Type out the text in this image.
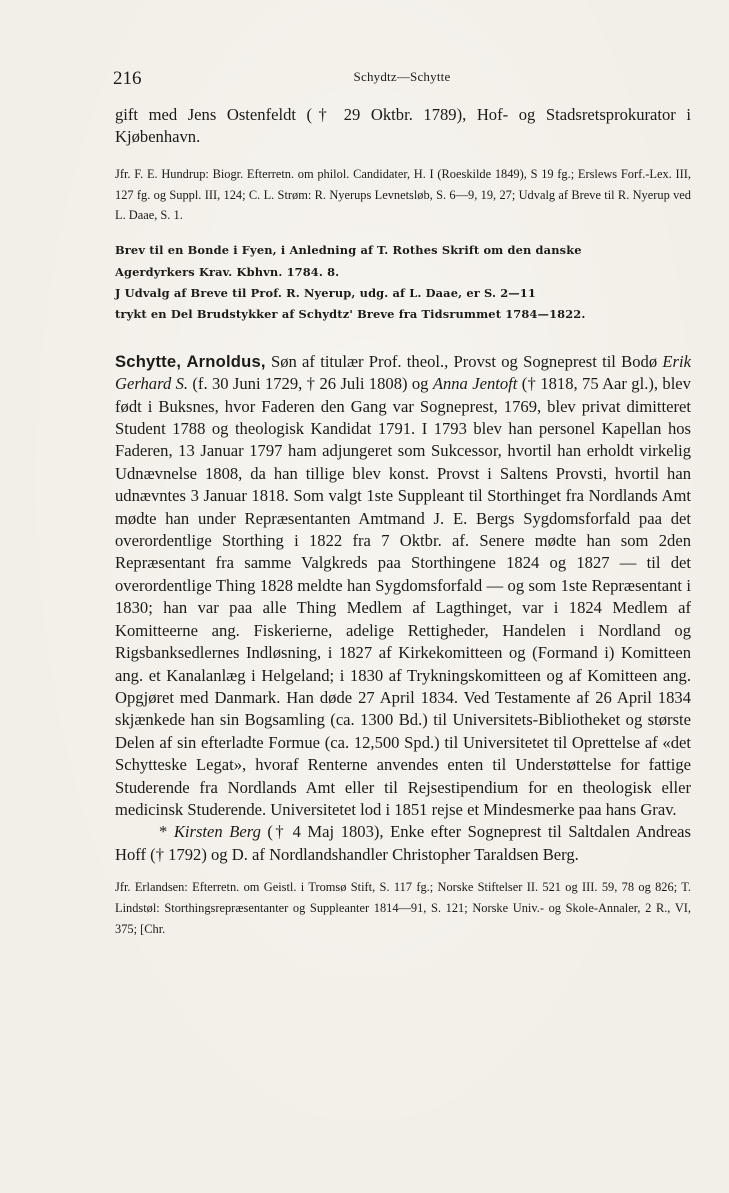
216	Schydtz—Schytte

gift med Jens Ostenfeldt († 29 Oktbr. 1789), Hof- og Stadsretsprokurator i Kjøbenhavn.

Jfr. F. E. Hundrup: Biogr. Efterretn. om philol. Candidater, H. I (Roeskilde 1849), S 19 fg.; Erslews Forf.-Lex. III, 127 fg. og Suppl. III, 124; C. L. Strøm: R. Nyerups Levnetsløb, S. 6—9, 19, 27; Udvalg af Breve til R. Nyerup ved L. Daae, S. 1.

Brev til en Bonde i Fyen, i Anledning af T. Rothes Skrift om den danske
Agerdyrkers Krav. Kbhvn. 1784. 8.
J Udvalg af Breve til Prof. R. Nyerup, udg. af L. Daae, er S. 2—11
trykt en Del Brudstykker af Schydtz' Breve fra Tidsrummet 1784—1822.

Schytte, Arnoldus, Søn af titulær Prof. theol., Provst og Sogneprest til Bodø Erik Gerhard S. (f. 30 Juni 1729, † 26 Juli 1808) og Anna Jentoft († 1818, 75 Aar gl.), blev født i Buksnes, hvor Faderen den Gang var Sogneprest, 1769, blev privat dimitteret Student 1788 og theologisk Kandidat 1791. I 1793 blev han personel Kapellan hos Faderen, 13 Januar 1797 ham adjungeret som Sukcessor, hvortil han erholdt virkelig Udnævnelse 1808, da han tillige blev konst. Provst i Saltens Provsti, hvortil han udnævntes 3 Januar 1818. Som valgt 1ste Suppleant til Storthinget fra Nordlands Amt mødte han under Repræsentanten Amtmand J. E. Bergs Sygdomsforfald paa det overordentlige Storthing i 1822 fra 7 Oktbr. af. Senere mødte han som 2den Repræsentant fra samme Valgkreds paa Storthingene 1824 og 1827 — til det overordentlige Thing 1828 meldte han Sygdomsforfald — og som 1ste Repræsentant i 1830; han var paa alle Thing Medlem af Lagthinget, var i 1824 Medlem af Komitteerne ang. Fiskerierne, adelige Rettigheder, Handelen i Nordland og Rigsbanksedlernes Indløsning, i 1827 af Kirkekomitteen og (Formand i) Komitteen ang. et Kanalanlæg i Helgeland; i 1830 af Trykningskomitteen og af Komitteen ang. Opgjøret med Danmark. Han døde 27 April 1834. Ved Testamente af 26 April 1834 skjænkede han sin Bogsamling (ca. 1300 Bd.) til Universitets-Bibliotheket og største Delen af sin efterladte Formue (ca. 12,500 Spd.) til Universitetet til Oprettelse af «det Schytteske Legat», hvoraf Renterne anvendes enten til Understøttelse for fattige Studerende fra Nordlands Amt eller til Rejsestipendium for en theologisk eller medicinsk Studerende. Universitetet lod i 1851 rejse et Mindesmerke paa hans Grav.

* Kirsten Berg († 4 Maj 1803), Enke efter Sogneprest til Saltdalen Andreas Hoff († 1792) og D. af Nordlandshandler Christopher Taraldsen Berg.

Jfr. Erlandsen: Efterretn. om Geistl. i Tromsø Stift, S. 117 fg.; Norske Stiftelser II. 521 og III. 59, 78 og 826; T. Lindstøl: Storthingsrepræsentanter og Suppleanter 1814—91, S. 121; Norske Univ.- og Skole-Annaler, 2 R., VI, 375; [Chr.
